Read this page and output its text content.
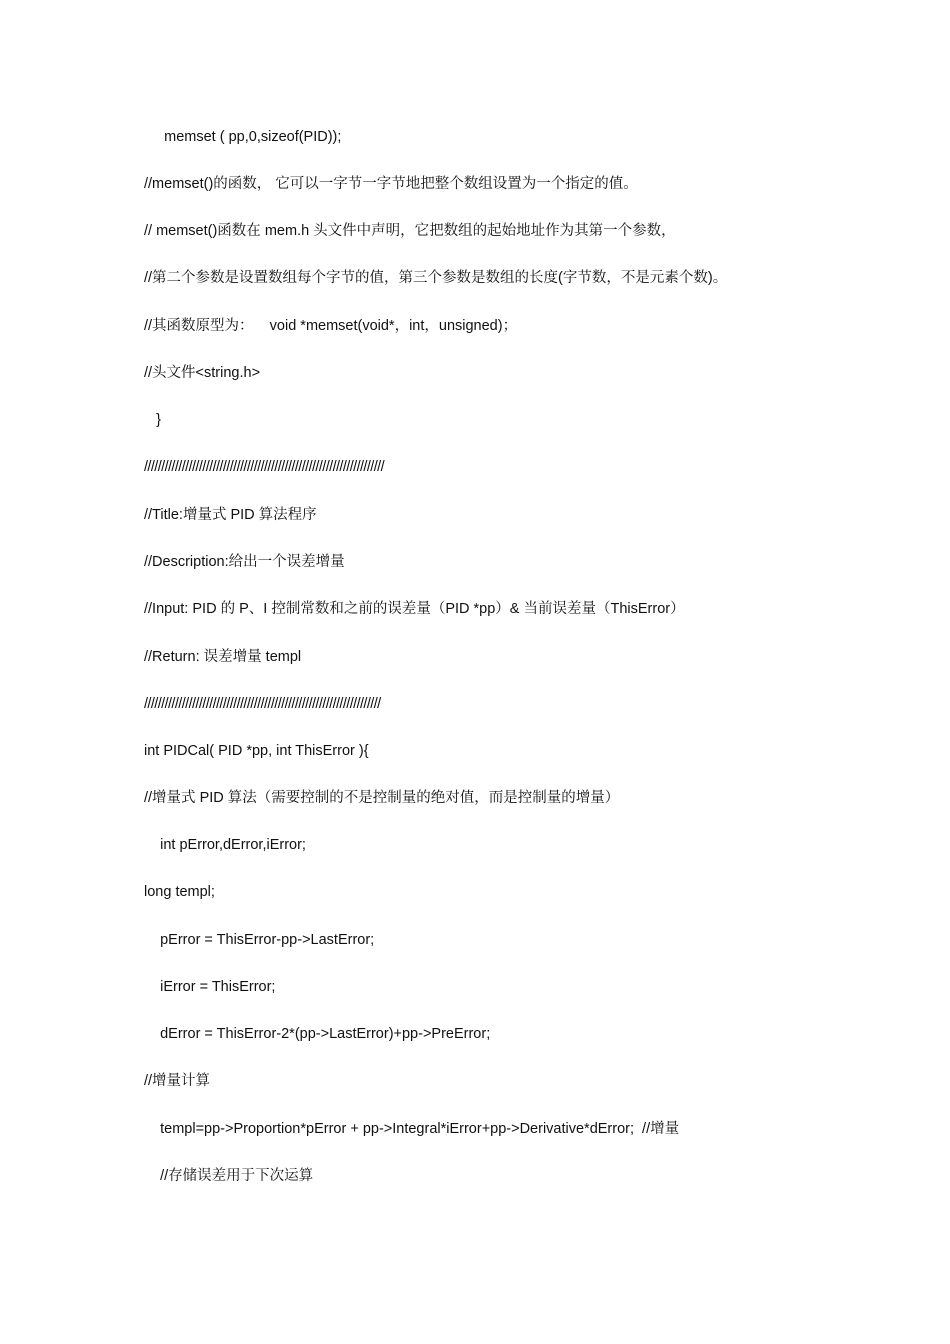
memset ( pp,0,sizeof(PID));
//memset()的函数， 它可以一字节一字节地把整个数组设置为一个指定的值。
// memset()函数在 mem.h 头文件中声明，它把数组的起始地址作为其第一个参数，
//第二个参数是设置数组每个字节的值，第三个参数是数组的长度(字节数，不是元素个数)。
//其函数原型为：    void *memset(void*，int，unsigned)；
//头文件<string.h>
}
//////////////////////////////////////////////////////////////////////
//Title:增量式 PID 算法程序
//Description:给出一个误差增量
//Input: PID 的 P、I 控制常数和之前的误差量（PID *pp）& 当前误差量（ThisError）
//Return: 误差增量 templ
/////////////////////////////////////////////////////////////////////
int PIDCal( PID *pp, int ThisError ){
//增量式 PID 算法（需要控制的不是控制量的绝对值，而是控制量的增量）
int pError,dError,iError;
long templ;
pError = ThisError-pp->LastError;
iError = ThisError;
dError = ThisError-2*(pp->LastError)+pp->PreError;
//增量计算
templ=pp->Proportion*pError + pp->Integral*iError+pp->Derivative*dError;  //增量
//存储误差用于下次运算
